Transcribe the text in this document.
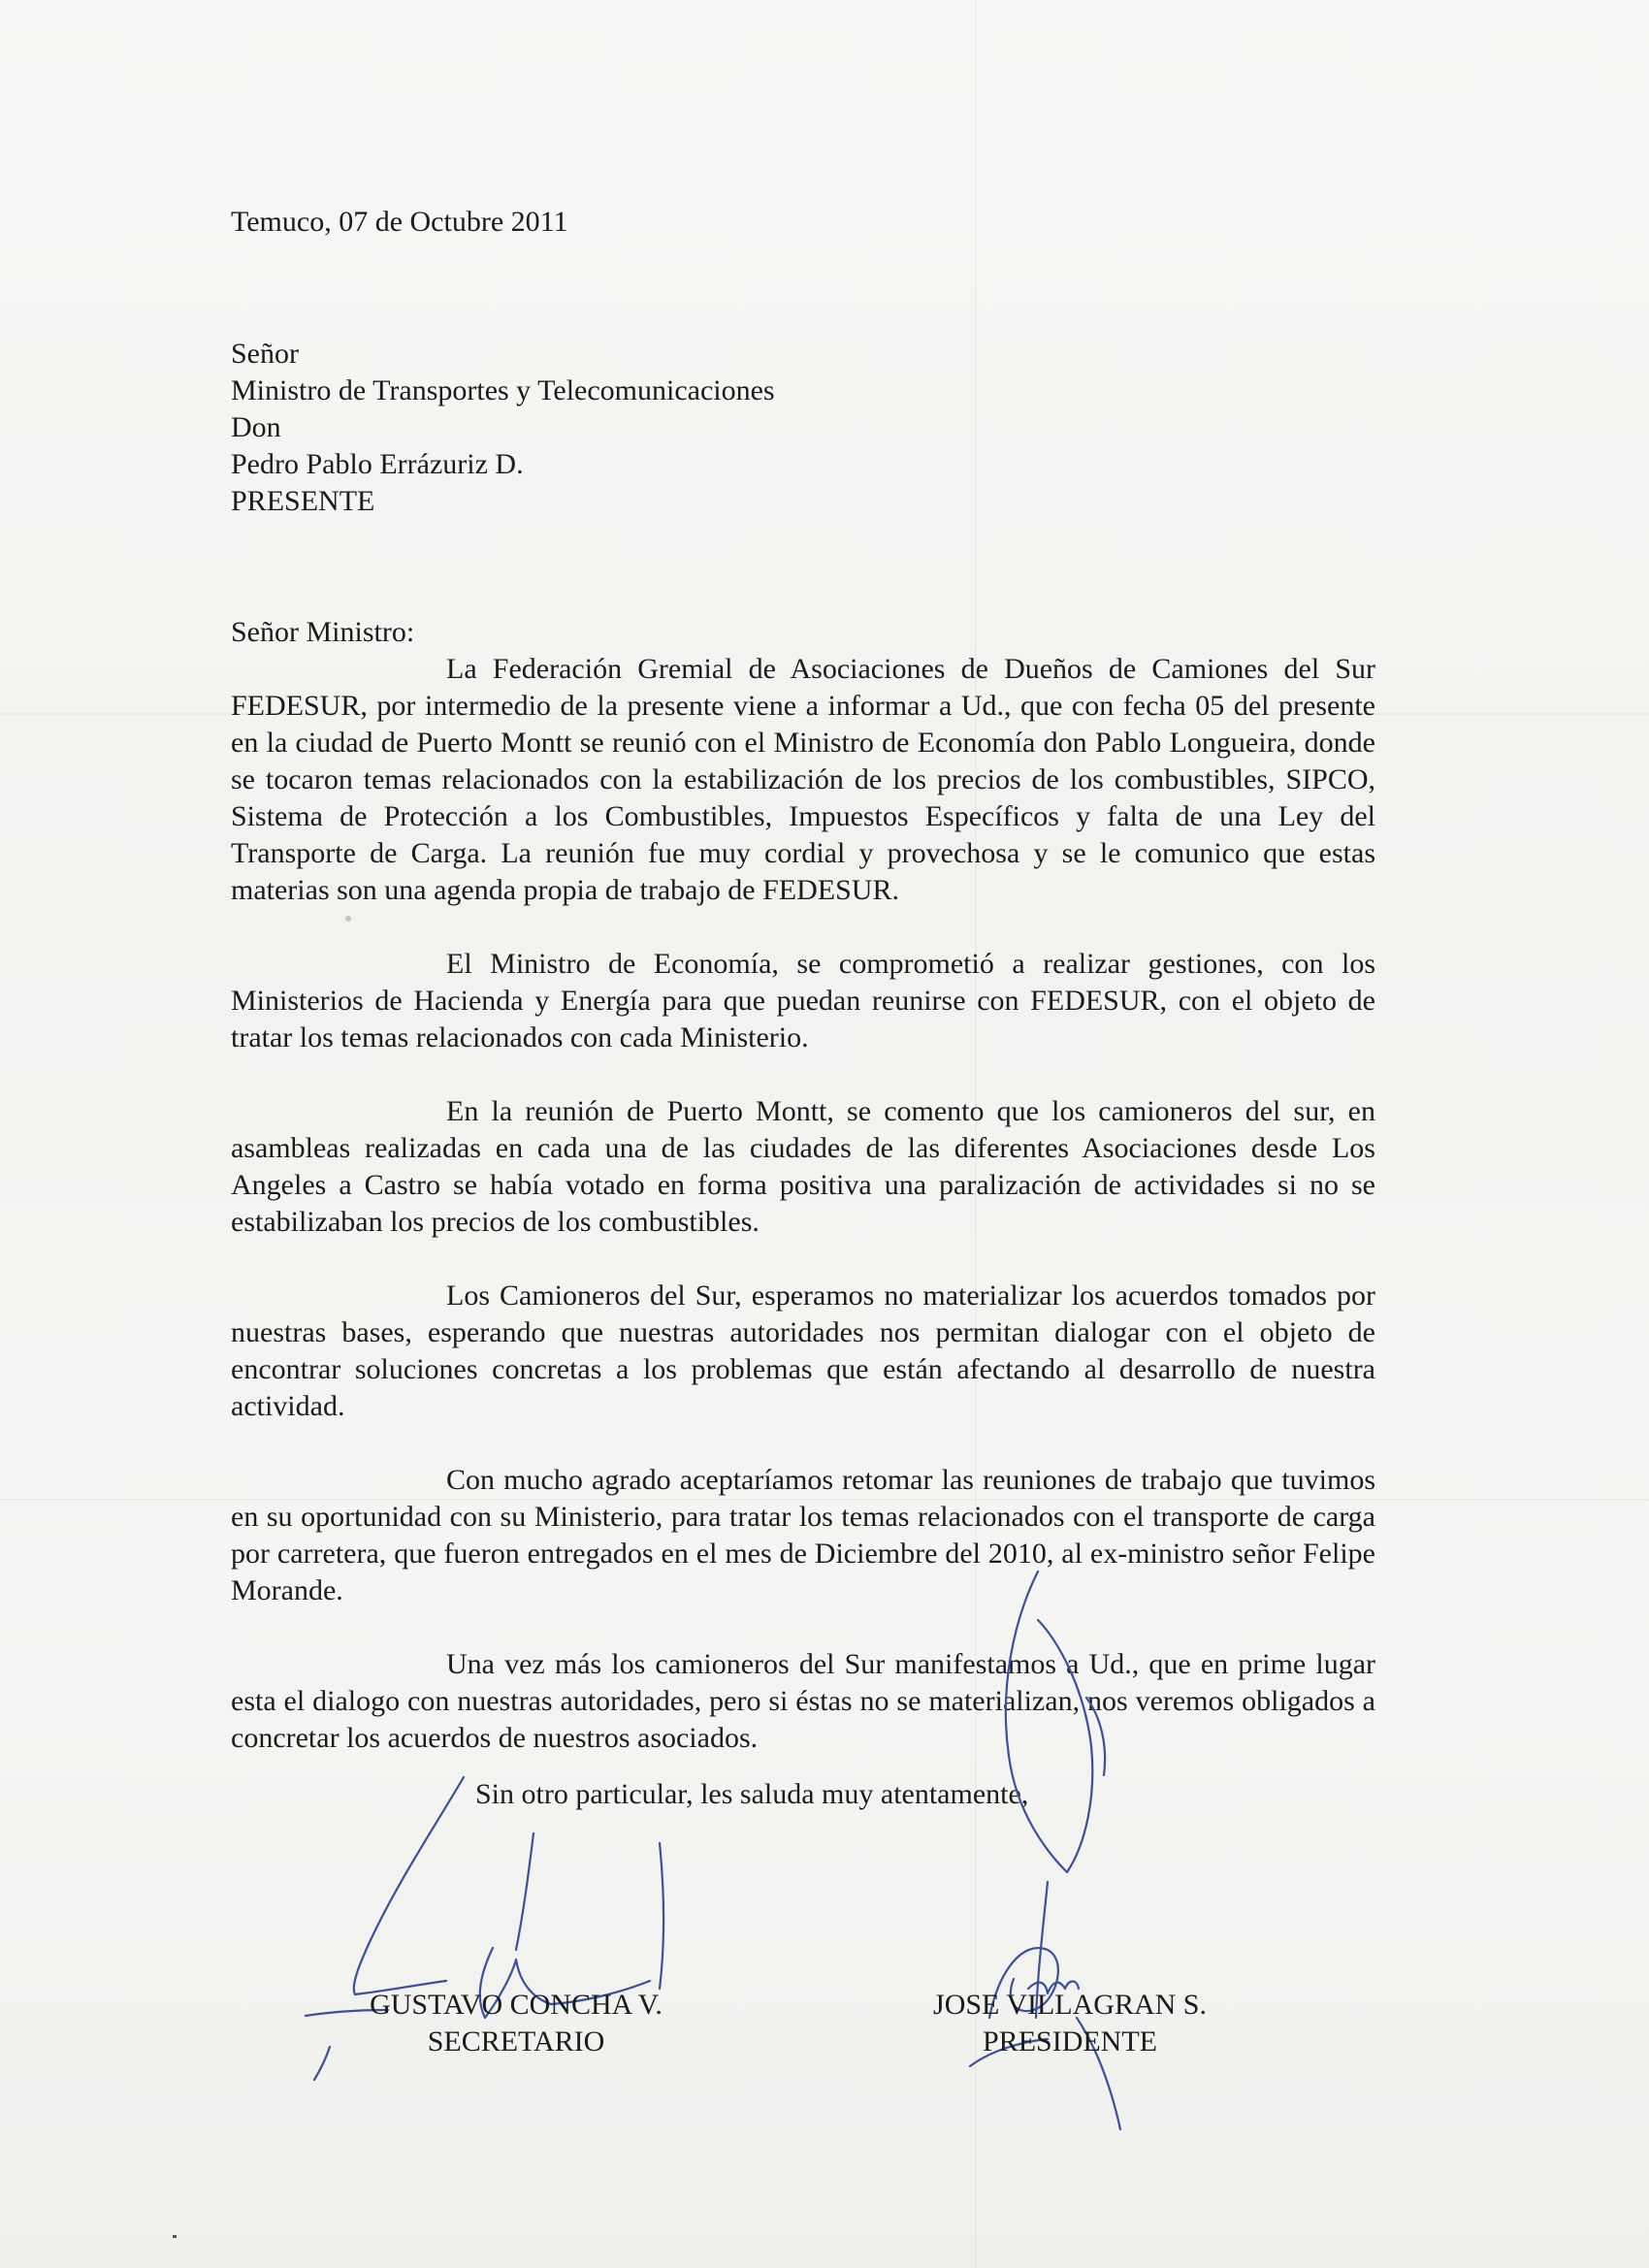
Temuco, 07 de Octubre 2011

Señor

Ministro de Transportes y Telecomunicaciones

Don

Pedro Pablo Errázuriz D.

PRESENTE

Señor Ministro:

La Federación Gremial de Asociaciones de Dueños de Camiones del Sur FEDESUR, por intermedio de la presente viene a informar a Ud., que con fecha 05 del presente en la ciudad de Puerto Montt se reunió con el Ministro de Economía don Pablo Longueira, donde se tocaron temas relacionados con la estabilización de los precios de los combustibles, SIPCO, Sistema de Protección a los Combustibles, Impuestos Específicos y falta de una Ley del Transporte de Carga. La reunión fue muy cordial y provechosa y se le comunico que estas materias son una agenda propia de trabajo de FEDESUR.

El Ministro de Economía, se comprometió a realizar gestiones, con los Ministerios de Hacienda y Energía para que puedan reunirse con FEDESUR, con el objeto de tratar los temas relacionados con cada Ministerio.

En la reunión de Puerto Montt, se comento que los camioneros del sur, en asambleas realizadas en cada una de las ciudades de las diferentes Asociaciones desde Los Angeles a Castro se había votado en forma positiva una paralización de actividades si no se estabilizaban los precios de los combustibles.

Los Camioneros del Sur, esperamos no materializar los acuerdos tomados por nuestras bases, esperando que nuestras autoridades nos permitan dialogar con el objeto de encontrar soluciones concretas a los problemas que están afectando al desarrollo de nuestra actividad.

Con mucho agrado aceptaríamos retomar las reuniones de trabajo que tuvimos en su oportunidad con su Ministerio, para tratar los temas relacionados con el transporte de carga por carretera, que fueron entregados en el mes de Diciembre del 2010, al ex-ministro señor Felipe Morande.

Una vez más los camioneros del Sur manifestamos a Ud., que en prime lugar esta el dialogo con nuestras autoridades, pero si éstas no se materializan, nos veremos obligados a concretar los acuerdos de nuestros asociados.

Sin otro particular, les saluda muy atentamente,

GUSTAVO CONCHA V.

SECRETARIO

JOSE VILLAGRAN S.

PRESIDENTE
